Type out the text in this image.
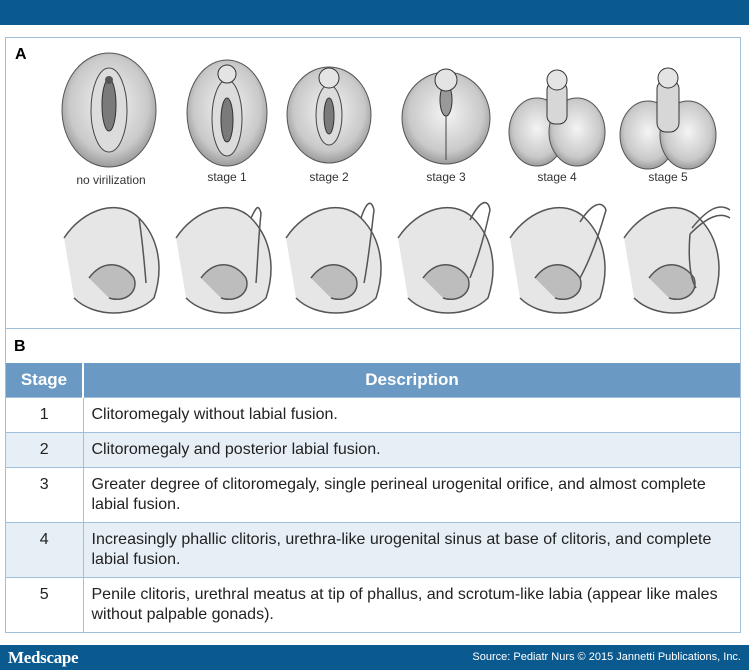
A
no virilization	stage 1	stage 2	stage 3	stage 4	stage 5
B
Stage	Description
1	Clitoromegaly without labial fusion.
2	Clitoromegaly and posterior labial fusion.
3	Greater degree of clitoromegaly, single perineal urogenital orifice, and almost complete labial fusion.
4	Increasingly phallic clitoris, urethra-like urogenital sinus at base of clitoris, and complete labial fusion.
5	Penile clitoris, urethral meatus at tip of phallus, and scrotum-like labia (appear like males without palpable gonads).
Medscape	Source: Pediatr Nurs © 2015 Jannetti Publications, Inc.
